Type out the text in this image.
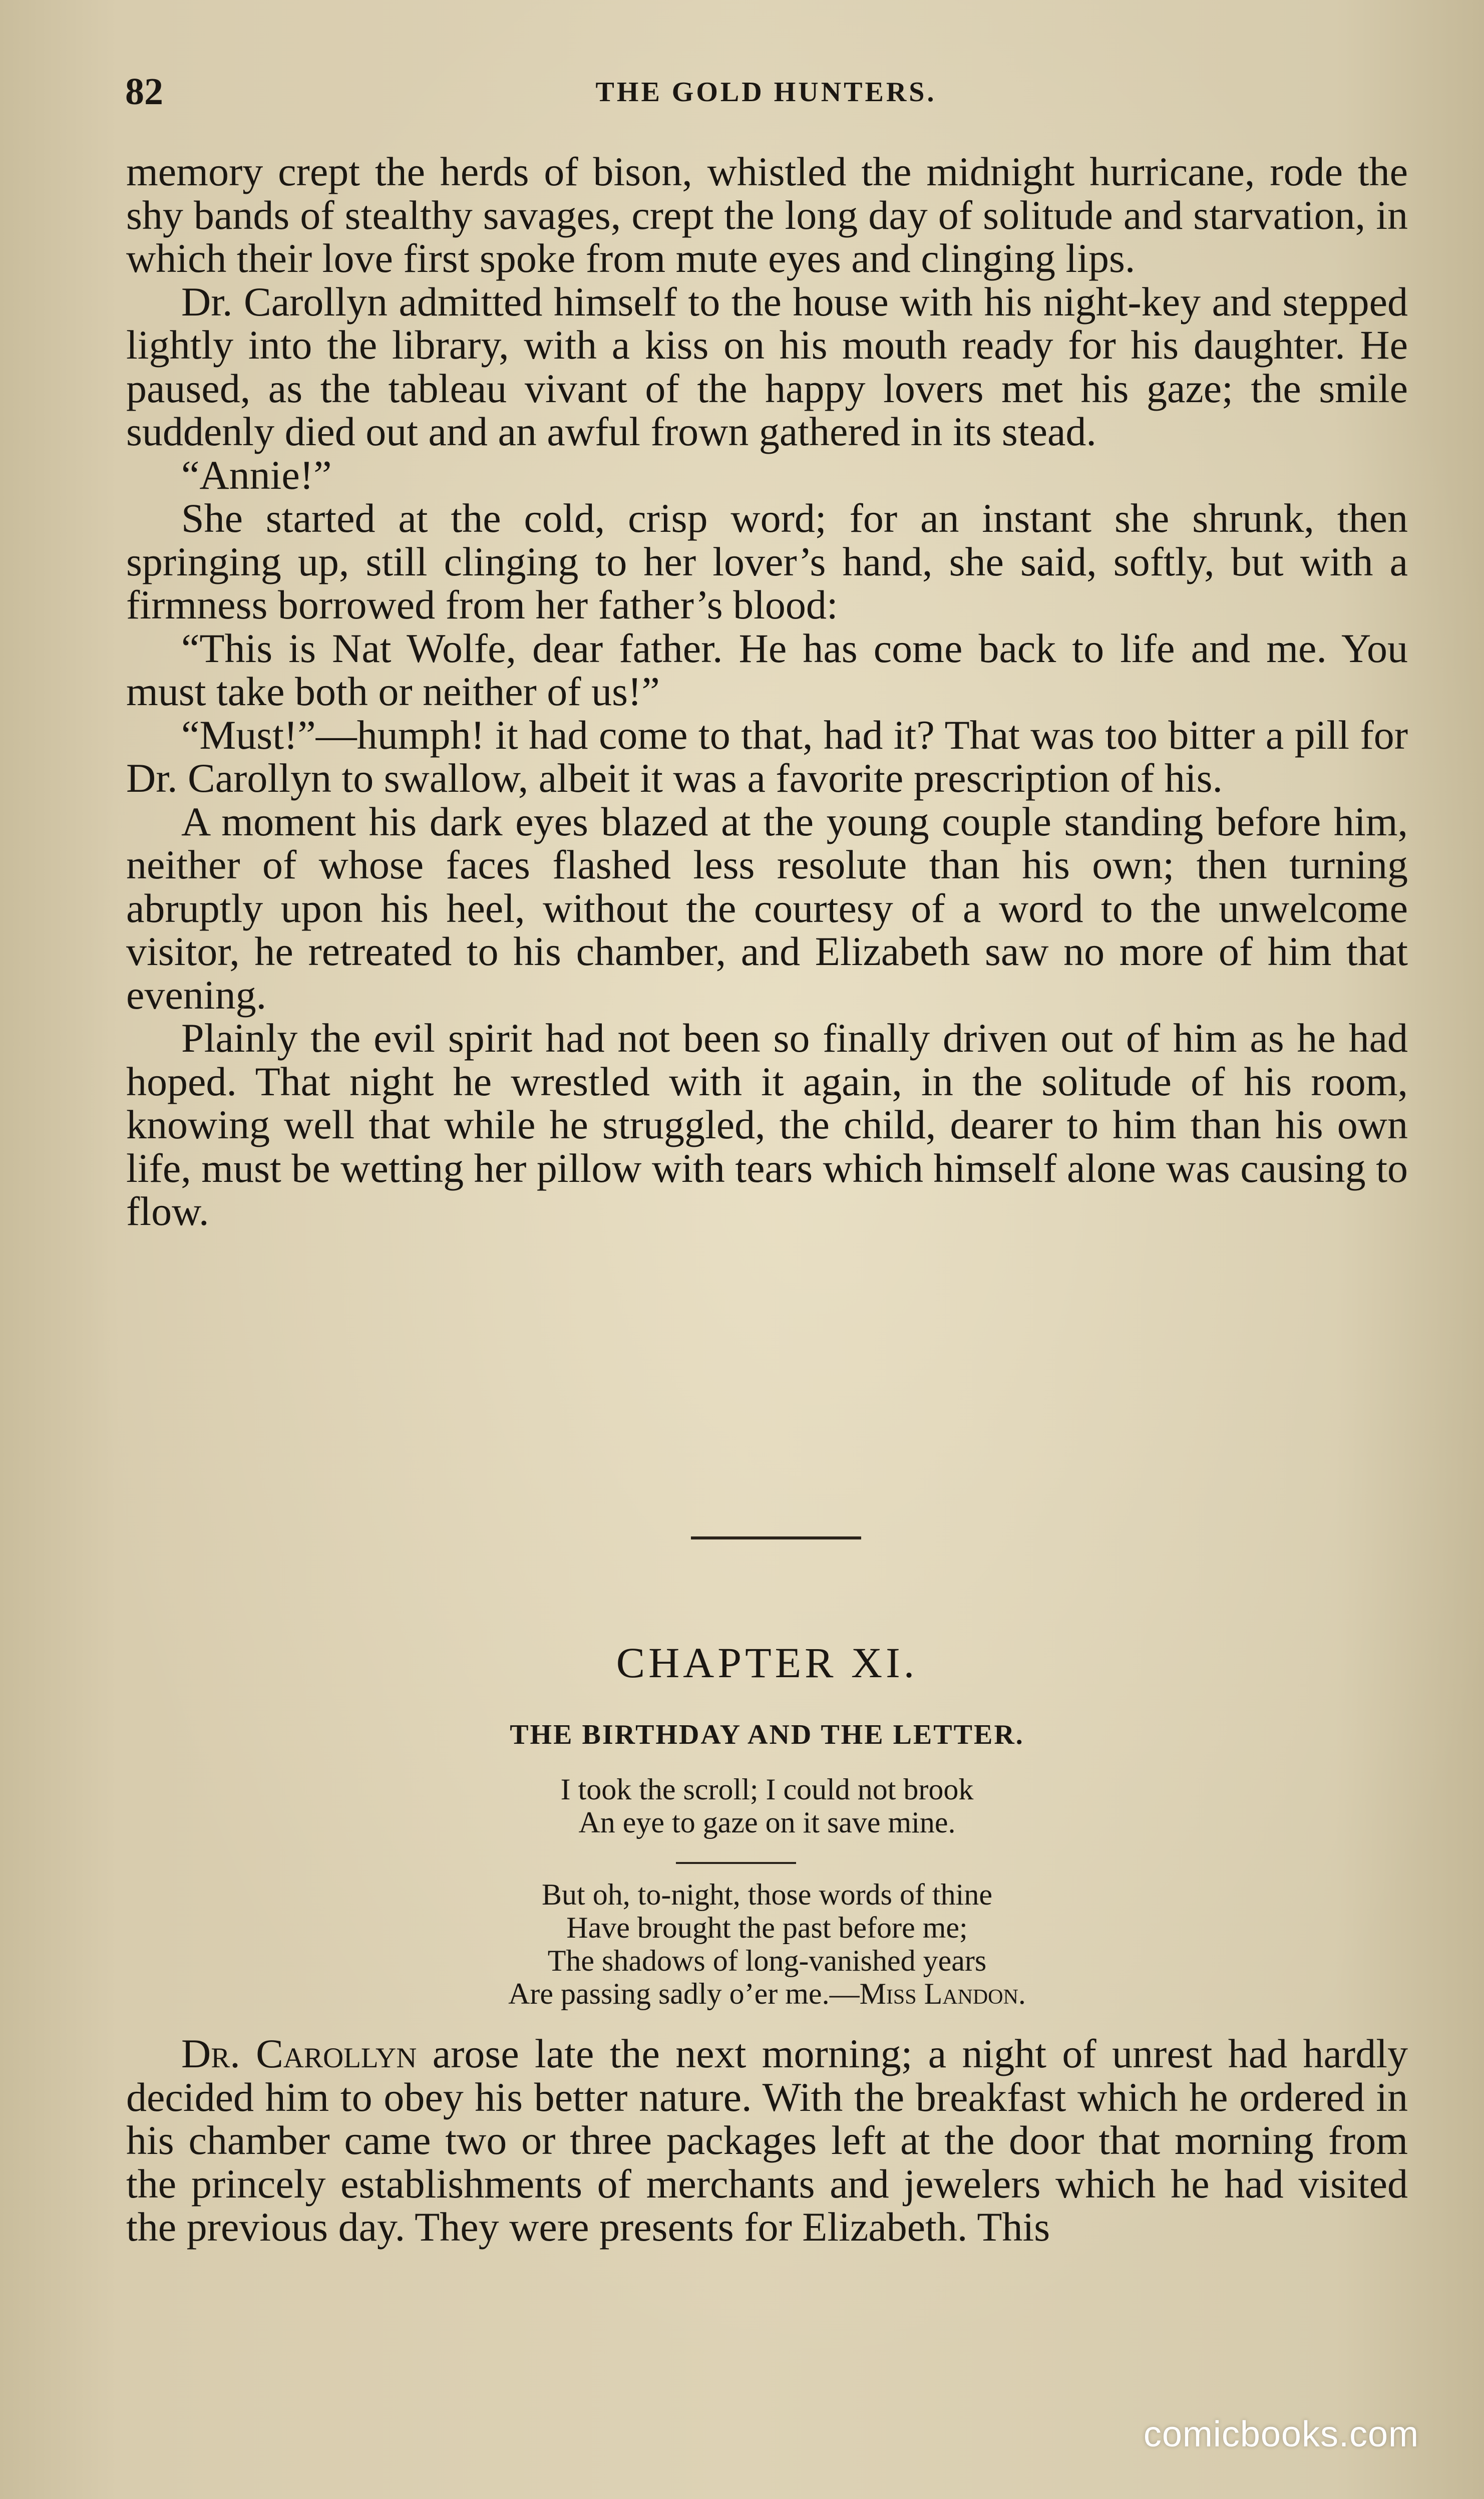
82	THE GOLD HUNTERS.

memory crept the herds of bison, whistled the midnight hurricane, rode the shy bands of stealthy savages, crept the long day of solitude and starvation, in which their love first spoke from mute eyes and clinging lips.

Dr. Carollyn admitted himself to the house with his night-key and stepped lightly into the library, with a kiss on his mouth ready for his daughter. He paused, as the tableau vivant of the happy lovers met his gaze; the smile suddenly died out and an awful frown gathered in its stead.

“Annie!”

She started at the cold, crisp word; for an instant she shrunk, then springing up, still clinging to her lover’s hand, she said, softly, but with a firmness borrowed from her father’s blood:

“This is Nat Wolfe, dear father. He has come back to life and me. You must take both or neither of us!”

“Must!”—humph! it had come to that, had it? That was too bitter a pill for Dr. Carollyn to swallow, albeit it was a favorite prescription of his.

A moment his dark eyes blazed at the young couple standing before him, neither of whose faces flashed less resolute than his own; then turning abruptly upon his heel, without the courtesy of a word to the unwelcome visitor, he retreated to his chamber, and Elizabeth saw no more of him that evening.

Plainly the evil spirit had not been so finally driven out of him as he had hoped. That night he wrestled with it again, in the solitude of his room, knowing well that while he struggled, the child, dearer to him than his own life, must be wetting her pillow with tears which himself alone was causing to flow.

CHAPTER XI.
THE BIRTHDAY AND THE LETTER.
I took the scroll; I could not brook
An eye to gaze on it save mine.
But oh, to-night, those words of thine
Have brought the past before me;
The shadows of long-vanished years
Are passing sadly o’er me.—Miss Landon.

Dr. Carollyn arose late the next morning; a night of unrest had hardly decided him to obey his better nature. With the breakfast which he ordered in his chamber came two or three packages left at the door that morning from the princely establishments of merchants and jewelers which he had visited the previous day. They were presents for Elizabeth. This

comicbooks.com
